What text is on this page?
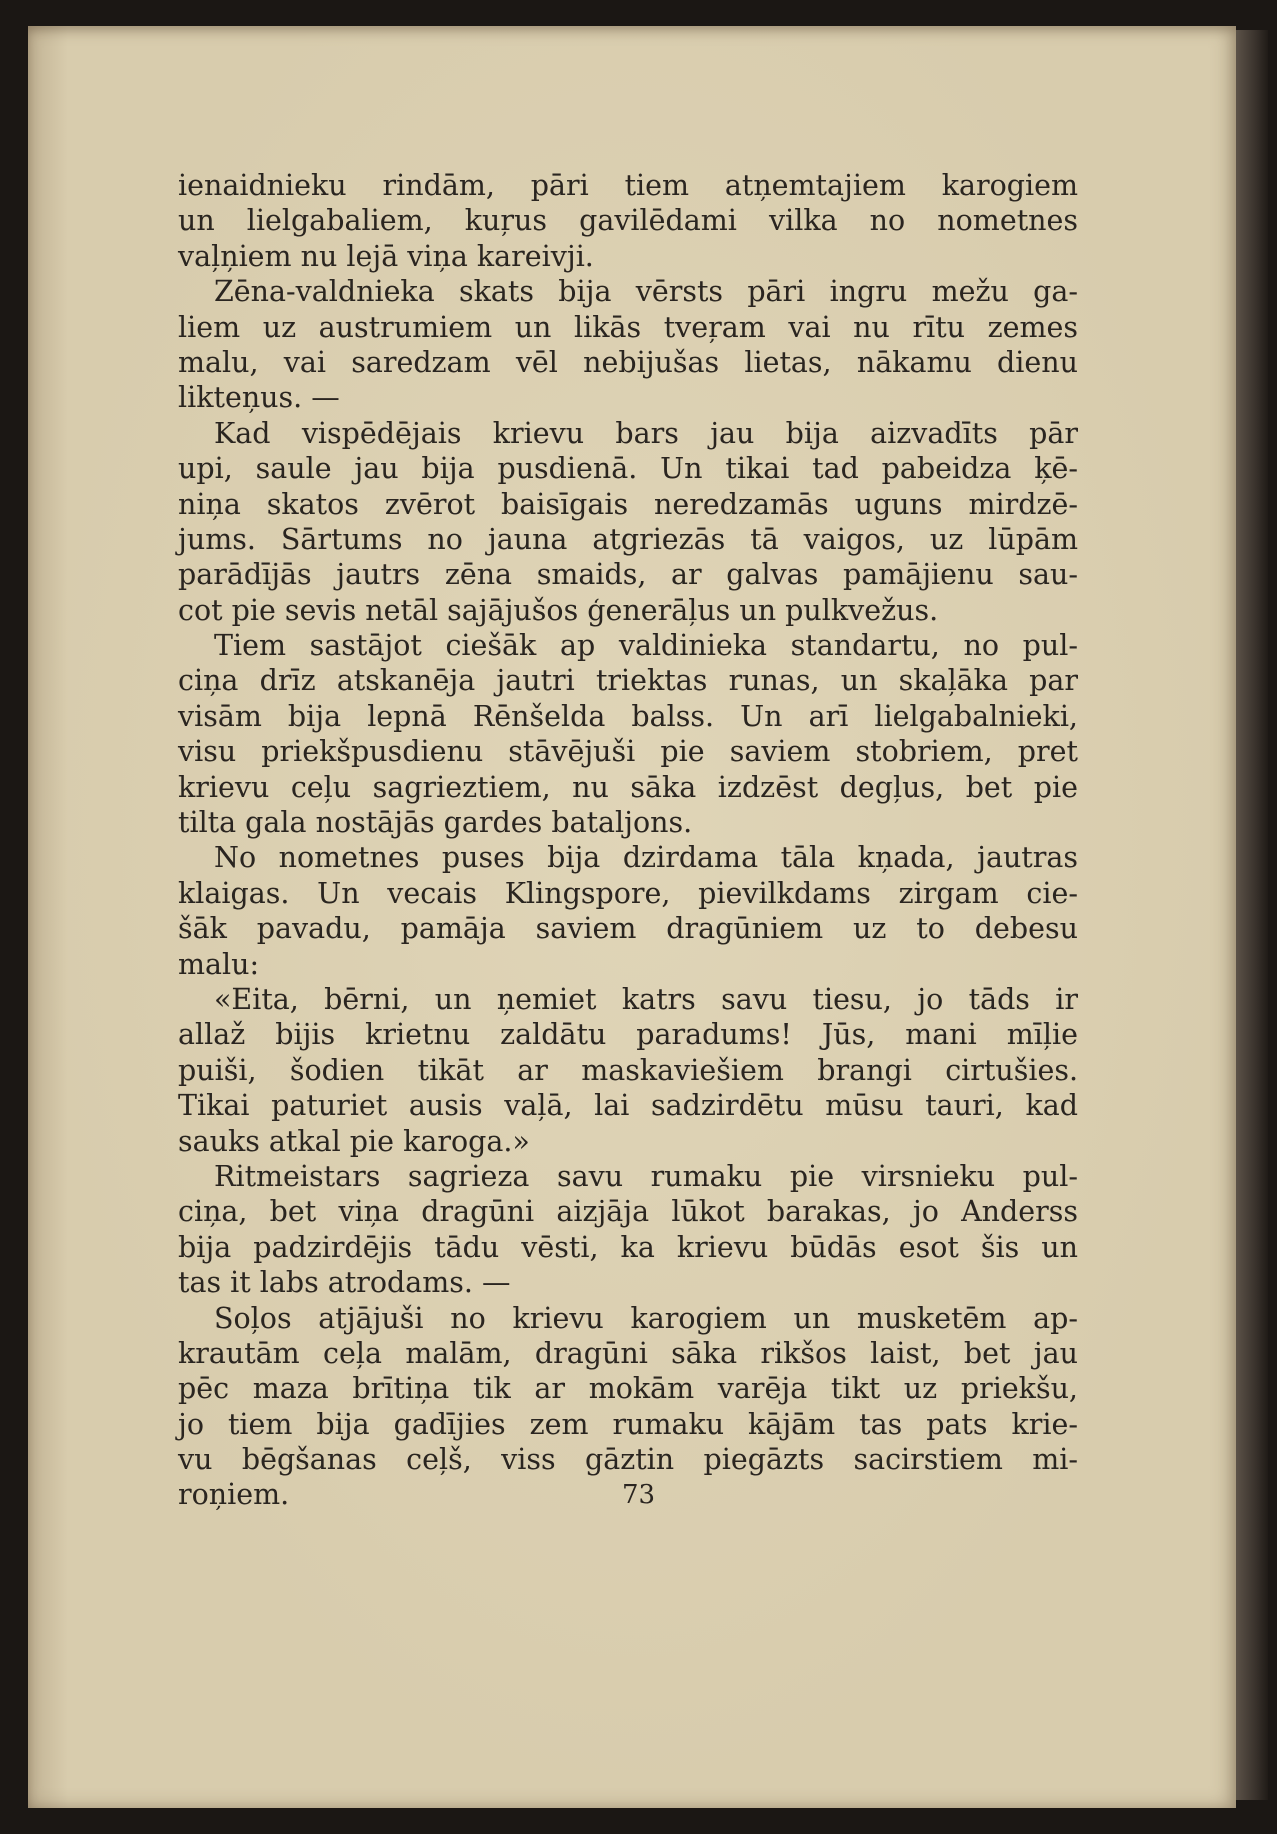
ienaidnieku rindām, pāri tiem atņemtajiem karogiem
un lielgabaliem, kuŗus gavilēdami vilka no nometnes
vaļņiem nu lejā viņa kareivji.
Zēna-valdnieka skats bija vērsts pāri ingru mežu ga-
liem uz austrumiem un likās tveŗam vai nu rītu zemes
malu, vai saredzam vēl nebijušas lietas, nākamu dienu
likteņus. —
Kad vispēdējais krievu bars jau bija aizvadīts pār
upi, saule jau bija pusdienā. Un tikai tad pabeidza ķē-
niņa skatos zvērot baisīgais neredzamās uguns mirdzē-
jums. Sārtums no jauna atgriezās tā vaigos, uz lūpām
parādījās jautrs zēna smaids, ar galvas pamājienu sau-
cot pie sevis netāl sajājušos ģenerāļus un pulkvežus.
Tiem sastājot ciešāk ap valdinieka standartu, no pul-
ciņa drīz atskanēja jautri triektas runas, un skaļāka par
visām bija lepnā Rēnšelda balss. Un arī lielgabalnieki,
visu priekšpusdienu stāvējuši pie saviem stobriem, pret
krievu ceļu sagrieztiem, nu sāka izdzēst degļus, bet pie
tilta gala nostājās gardes bataljons.
No nometnes puses bija dzirdama tāla kņada, jautras
klaigas. Un vecais Klingspore, pievilkdams zirgam cie-
šāk pavadu, pamāja saviem dragūniem uz to debesu
malu:
«Eita, bērni, un ņemiet katrs savu tiesu, jo tāds ir
allaž bijis krietnu zaldātu paradums! Jūs, mani mīļie
puiši, šodien tikāt ar maskaviešiem brangi cirtušies.
Tikai paturiet ausis vaļā, lai sadzirdētu mūsu tauri, kad
sauks atkal pie karoga.»
Ritmeistars sagrieza savu rumaku pie virsnieku pul-
ciņa, bet viņa dragūni aizjāja lūkot barakas, jo Anderss
bija padzirdējis tādu vēsti, ka krievu būdās esot šis un
tas it labs atrodams. —
Soļos atjājuši no krievu karogiem un musketēm ap-
krautām ceļa malām, dragūni sāka rikšos laist, bet jau
pēc maza brītiņa tik ar mokām varēja tikt uz priekšu,
jo tiem bija gadījies zem rumaku kājām tas pats krie-
vu bēgšanas ceļš, viss gāztin piegāzts sacirstiem mi-
roņiem.	73
